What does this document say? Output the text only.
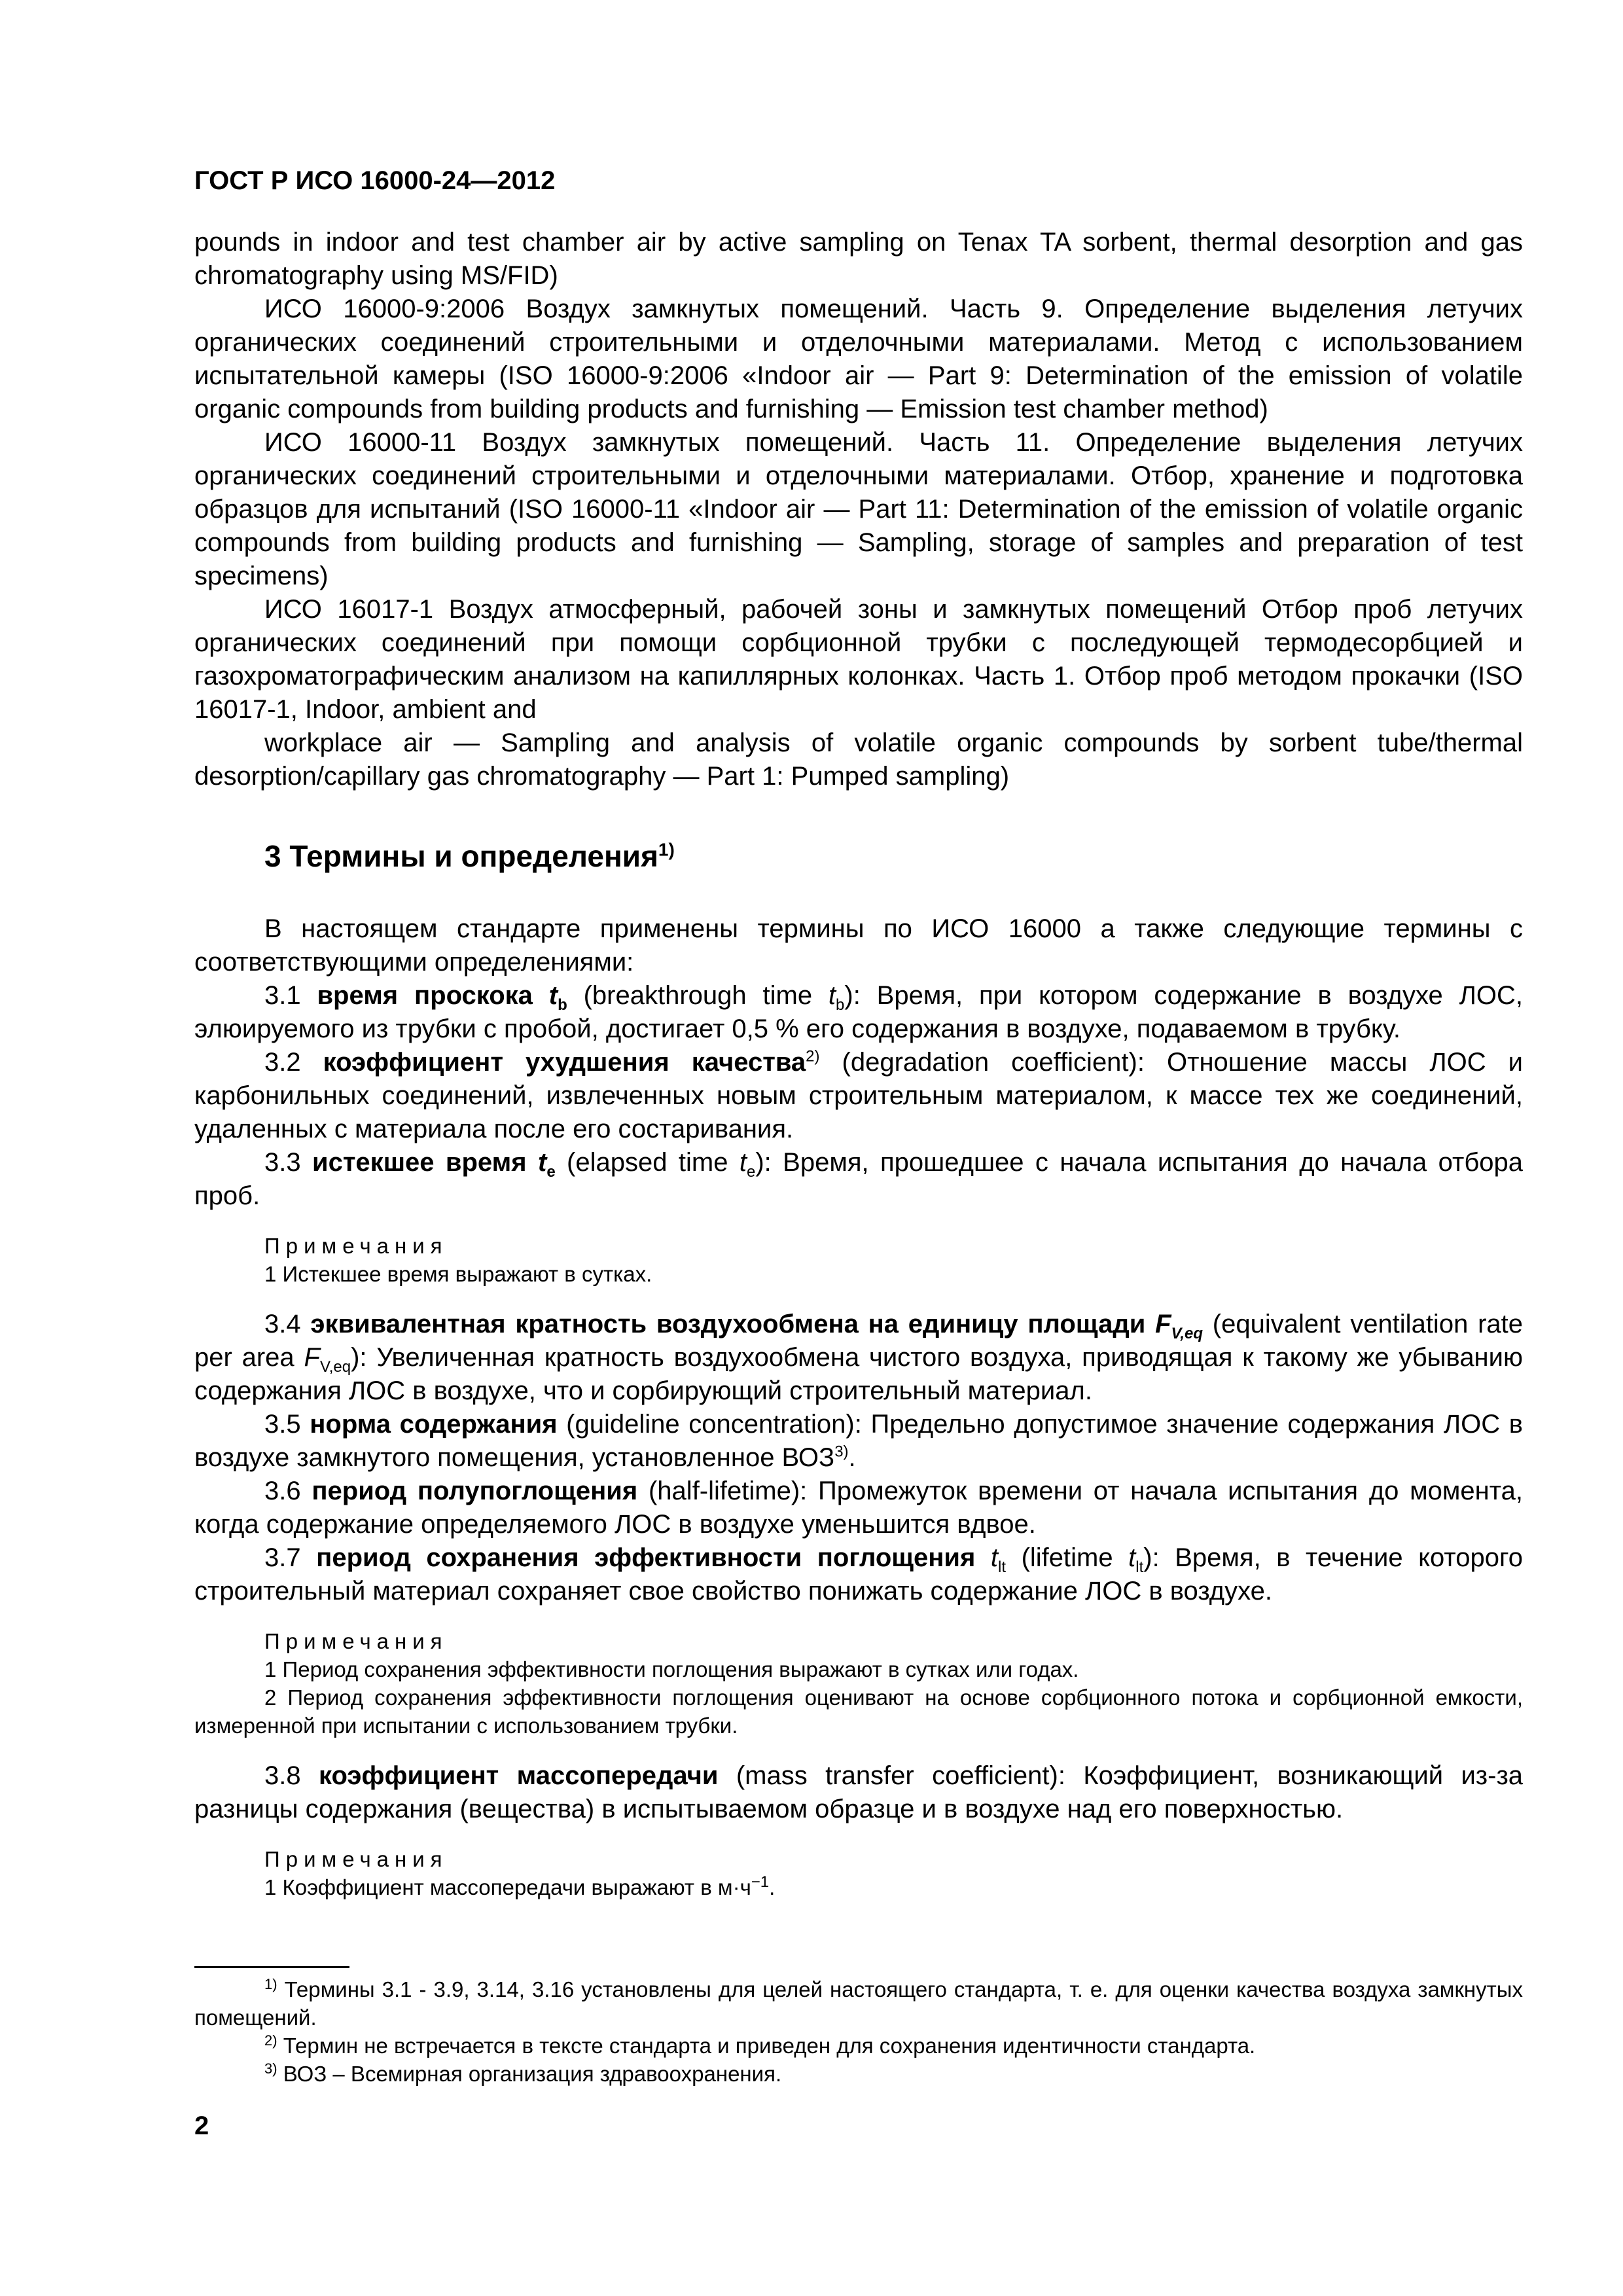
ГОСТ Р ИСО 16000-24—2012

pounds in indoor and test chamber air by active sampling on Tenax TA sorbent, thermal desorption and gas chromatography using MS/FID)

ИСО 16000-9:2006 Воздух замкнутых помещений. Часть 9. Определение выделения летучих органических соединений строительными и отделочными материалами. Метод с использованием испытательной камеры (ISO 16000-9:2006 «Indoor air — Part 9: Determination of the emission of volatile organic compounds from building products and furnishing — Emission test chamber method)

ИСО 16000-11 Воздух замкнутых помещений. Часть 11. Определение выделения летучих органических соединений строительными и отделочными материалами. Отбор, хранение и подготовка образцов для испытаний (ISO 16000-11 «Indoor air — Part 11: Determination of the emission of volatile organic compounds from building products and furnishing — Sampling, storage of samples and preparation of test specimens)

ИСО 16017-1 Воздух атмосферный, рабочей зоны и замкнутых помещений Отбор проб летучих органических соединений при помощи сорбционной трубки с последующей термодесорбцией и газохроматографическим анализом на капиллярных колонках. Часть 1. Отбор проб методом прокачки (ISO 16017-1, Indoor, ambient and

workplace air — Sampling and analysis of volatile organic compounds by sorbent tube/thermal desorption/capillary gas chromatography — Part 1: Pumped sampling)

3 Термины и определения$^{1)}$

В настоящем стандарте применены термины по ИСО 16000 а также следующие термины с соответствующими определениями:

3.1 время проскока $t_b$ (breakthrough time $t_b$): Время, при котором содержание в воздухе ЛОС, элюируемого из трубки с пробой, достигает 0,5 % его содержания в воздухе, подаваемом в трубку.

3.2 коэффициент ухудшения качества$^{2)}$ (degradation coefficient): Отношение массы ЛОС и карбонильных соединений, извлеченных новым строительным материалом, к массе тех же соединений, удаленных с материала после его состаривания.

3.3 истекшее время $t_e$ (elapsed time $t_e$): Время, прошедшее с начала испытания до начала отбора проб.

Примечания

1 Истекшее время выражают в сутках.

3.4 эквивалентная кратность воздухообмена на единицу площади $F_{V,eq}$ (equivalent ventilation rate per area $F_{V,eq}$): Увеличенная кратность воздухообмена чистого воздуха, приводящая к такому же убыванию содержания ЛОС в воздухе, что и сорбирующий строительный материал.

3.5 норма содержания (guideline concentration): Предельно допустимое значение содержания ЛОС в воздухе замкнутого помещения, установленное ВОЗ$^{3)}$.

3.6 период полупоглощения (half-lifetime): Промежуток времени от начала испытания до момента, когда содержание определяемого ЛОС в воздухе уменьшится вдвое.

3.7 период сохранения эффективности поглощения $t_{lt}$ (lifetime $t_{lt}$): Время, в течение которого строительный материал сохраняет свое свойство понижать содержание ЛОС в воздухе.

Примечания

1 Период сохранения эффективности поглощения выражают в сутках или годах.

2 Период сохранения эффективности поглощения оценивают на основе сорбционного потока и сорбционной емкости, измеренной при испытании с использованием трубки.

3.8 коэффициент массопередачи (mass transfer coefficient): Коэффициент, возникающий из-за разницы содержания (вещества) в испытываемом образце и в воздухе над его поверхностью.

Примечания

1 Коэффициент массопередачи выражают в $м\cdot ч^{-1}$.

$^{1)}$ Термины 3.1 - 3.9, 3.14, 3.16 установлены для целей настоящего стандарта, т. е. для оценки качества воздуха замкнутых помещений.

$^{2)}$ Термин не встречается в тексте стандарта и приведен для сохранения идентичности стандарта.

$^{3)}$ ВОЗ – Всемирная организация здравоохранения.

2
